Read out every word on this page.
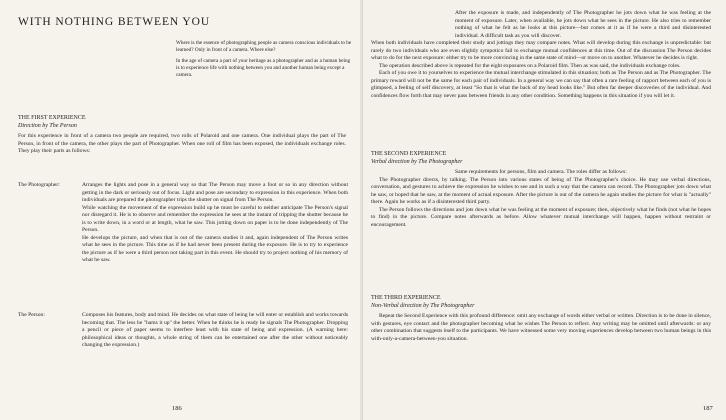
WITH NOTHING BETWEEN YOU

Where is the essence of photographing people as camera conscious individuals to be learned? Only in front of a camera. Where else?

In the age of camera a part of your heritage as a photographer and as a human being is to experience life with nothing between you and another human being except a camera.

THE FIRST EXPERIENCE
Direction by The Person

For this experience in front of a camera two people are required, two rolls of Polaroid and one camera. One individual plays the part of The Person, in front of the camera, the other plays the part of Photographer. When one roll of film has been exposed, the individuals exchange roles. They play their parts as follows:

The Photographer:	Arranges the lights and pose in a general way so that The Person may move a foot or so in any direction without getting in the dark or seriously out of focus. Light and pose are secondary to expression in this experience. When both individuals are prepared the photographer trips the shutter on signal from The Person.

While watching the movement of the expression build up he must be careful to neither anticipate The Person's signal nor disregard it. He is to observe and remember the expression he sees at the instant of tripping the shutter because he is to write down, in a word or at length, what he saw. This jotting down on paper is to be done independently of The Person.

He develops the picture, and when that is out of the camera studies it and, again independent of The Person writes what he sees in the picture. This time as if he had never been present during the exposure. He is to try to experience the picture as if he were a third person not taking part in this event. He should try to project nothing of his memory of what he saw.

The Person:	Composes his features, body and mind. He decides on what state of being he will enter or establish and works towards becoming that. The less he "hams it up" the better. When he thinks he is ready he signals The Photographer. Dropping a pencil or piece of paper seems to interfere least with his state of being and expression. (A warning here: philosophical ideas or thoughts, a whole string of them can be entertained one after the other without noticeably changing the expression.)

186

After the exposure is made, and independently of The Photographer he jots down what he was feeling at the moment of exposure. Later, when available, he jots down what he sees in the picture. He also tries to remember nothing of what he felt as he looks at this picture—but comes at it as if he were a third and disinterested individual. A difficult task as you will discover.

When both individuals have completed their study and jottings they may compare notes. What will develop during this exchange is unpredictable: but rarely do two individuals who are even slightly sympotico fail to exchange mutual confidences at this time. Out of the discussion The Person decides what to do for the next exposure: either try to be more convincing in the same state of mind—or move on to another. Whatever he decides is right.

The operation described above is repeated for the eight exposures on a Polaroid film. Then as was said, the individuals exchange roles.

Each of you owe it to yourselves to experience the mutual interchange stimulated in this situation; both as The Person and as The Photographer. The primary reward will not be the same for each pair of individuals. In a general way we can say that often a rare feeling of rapport between each of you is glimpsed, a feeling of self discovery, at least "So that is what the back of my head looks like." But often far deeper discoveries of the individual. And confidences flow forth that may never pass between friends in any other condition. Something happens in this situation if you will let it.

THE SECOND EXPERIENCE
Verbal direction by The Photographer

Same requirements for persons, film and camera. The roles differ as follows:

The Photographer directs, by talking. The Person into various states of being of The Photographer's choice. He may use verbal directions, conversation, and gestures to achieve the expression he wishes to see and in such a way that the camera can record. The Photographer jots down what he saw, or hoped that he saw, at the moment of actual exposure. After the picture is out of the camera he again studies the picture for what is "actually" there. Again he works as if a disinterested third party.

The Person follows the directions and jots down what he was feeling at the moment of exposure; then, objectively what he finds (not what he hopes to find) in the picture. Compare notes afterwards as before. Allow whatever mutual interchange will happen, happen without restraint or encouragement.

THE THIRD EXPERIENCE
Non-Verbal direction by The Photographer

Repeat the Second Experience with this profound difference: omit any exchange of words either verbal or written. Direction is to be done in silence, with gestures, eye contact and the photographer becoming what he wishes The Person to reflect. Any writing may be omitted until afterwards: or any other combination that suggests itself to the participants. We have witnessed some very moving experiences develop between two human beings in this with-only-a-camera-between-you situation.

187
